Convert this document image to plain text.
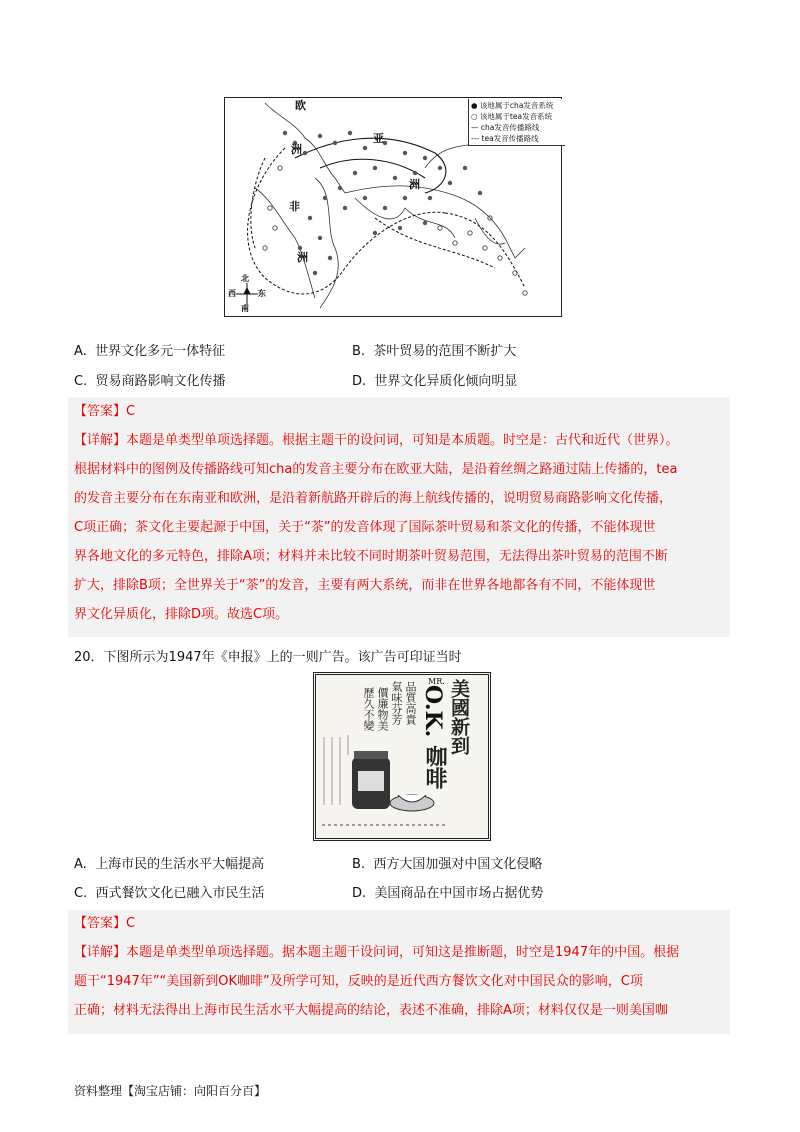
● 该地属于cha发音系统
○ 该地属于tea发音系统
— cha发音传播路线
--- tea发音传播路线
欧
洲
亚
洲
非
洲
北
西	东
南
A. 世界文化多元一体特征	B. 茶叶贸易的范围不断扩大
C. 贸易商路影响文化传播	D. 世界文化异质化倾向明显
【答案】C
【详解】本题是单类型单项选择题。根据主题干的设问词，可知是本质题。时空是：古代和近代（世界）。
根据材料中的图例及传播路线可知cha的发音主要分布在欧亚大陆，是沿着丝绸之路通过陆上传播的，tea
的发音主要分布在东南亚和欧洲，是沿着新航路开辟后的海上航线传播的，说明贸易商路影响文化传播，
C项正确；茶文化主要起源于中国，关于“茶”的发音体现了国际茶叶贸易和茶文化的传播，不能体现世
界各地文化的多元特色，排除A项；材料并未比较不同时期茶叶贸易范围，无法得出茶叶贸易的范围不断
扩大，排除B项；全世界关于“茶”的发音，主要有两大系统，而非在世界各地都各有不同，不能体现世
界文化异质化，排除D项。故选C项。
20．下图所示为1947年《申报》上的一则广告。该广告可印证当时
MR.
O.K. 美國新到
咖啡
品質高貴
氣味芬芳
價廉物美
歷久不變
A. 上海市民的生活水平大幅提高	B. 西方大国加强对中国文化侵略
C. 西式餐饮文化已融入市民生活	D. 美国商品在中国市场占据优势
【答案】C
【详解】本题是单类型单项选择题。据本题主题干设问词，可知这是推断题，时空是1947年的中国。根据
题干“1947年”“美国新到OK咖啡”及所学可知，反映的是近代西方餐饮文化对中国民众的影响，C项
正确；材料无法得出上海市民生活水平大幅提高的结论，表述不准确，排除A项；材料仅仅是一则美国咖
资料整理【淘宝店铺：向阳百分百】
